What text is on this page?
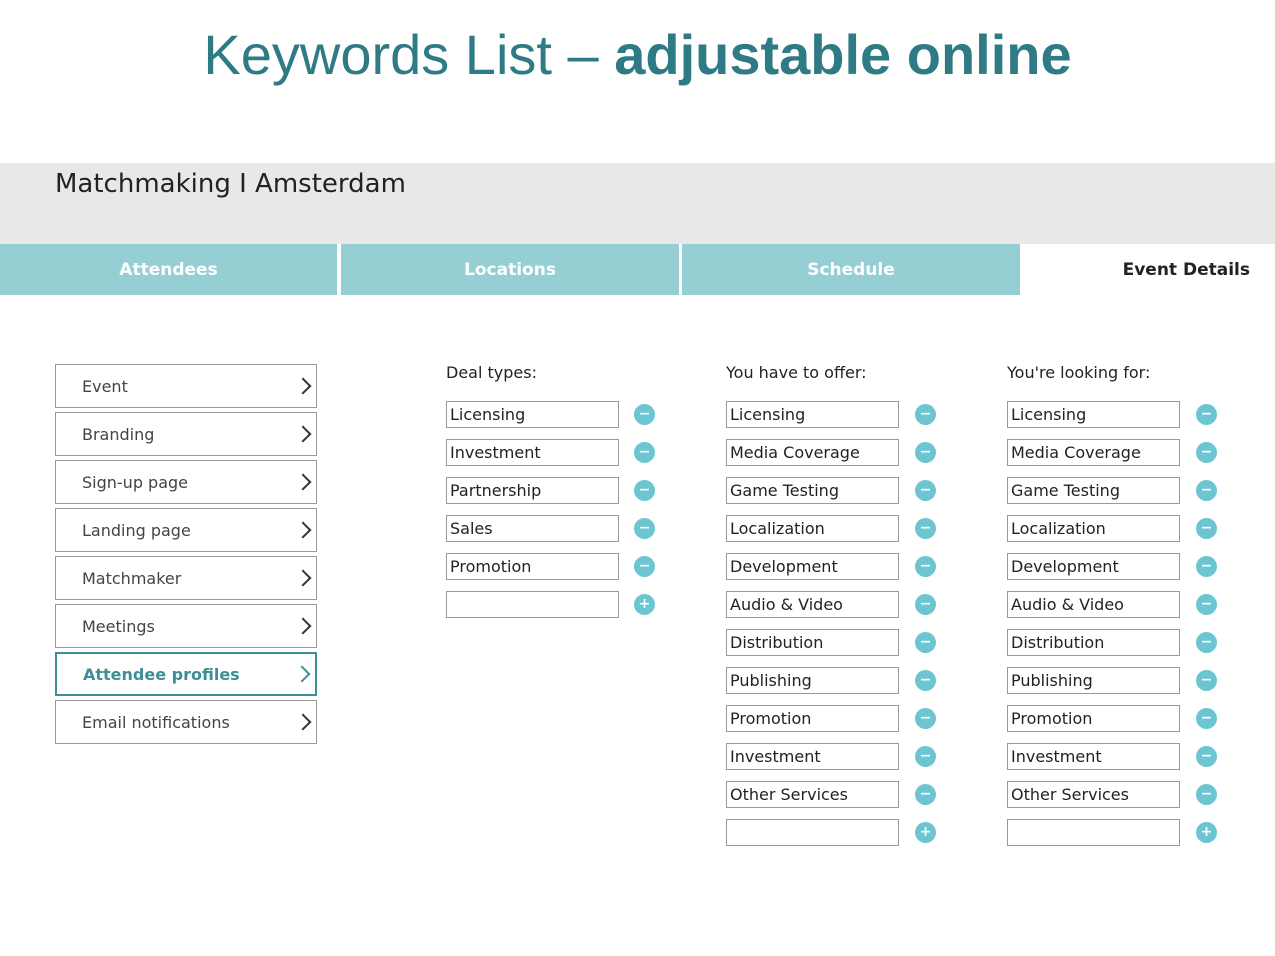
Keywords List – adjustable online
Matchmaking I Amsterdam
Attendees	Locations	Schedule	Event Details
Event
Branding
Sign-up page
Landing page
Matchmaker
Meetings
Attendee profiles
Email notifications
Deal types:
Licensing
−
Investment
−
Partnership
−
Sales
−
Promotion
−
+
You have to offer:
Licensing
−
Media Coverage
−
Game Testing
−
Localization
−
Development
−
Audio & Video
−
Distribution
−
Publishing
−
Promotion
−
Investment
−
Other Services
−
+
You're looking for:
Licensing
−
Media Coverage
−
Game Testing
−
Localization
−
Development
−
Audio & Video
−
Distribution
−
Publishing
−
Promotion
−
Investment
−
Other Services
−
+
